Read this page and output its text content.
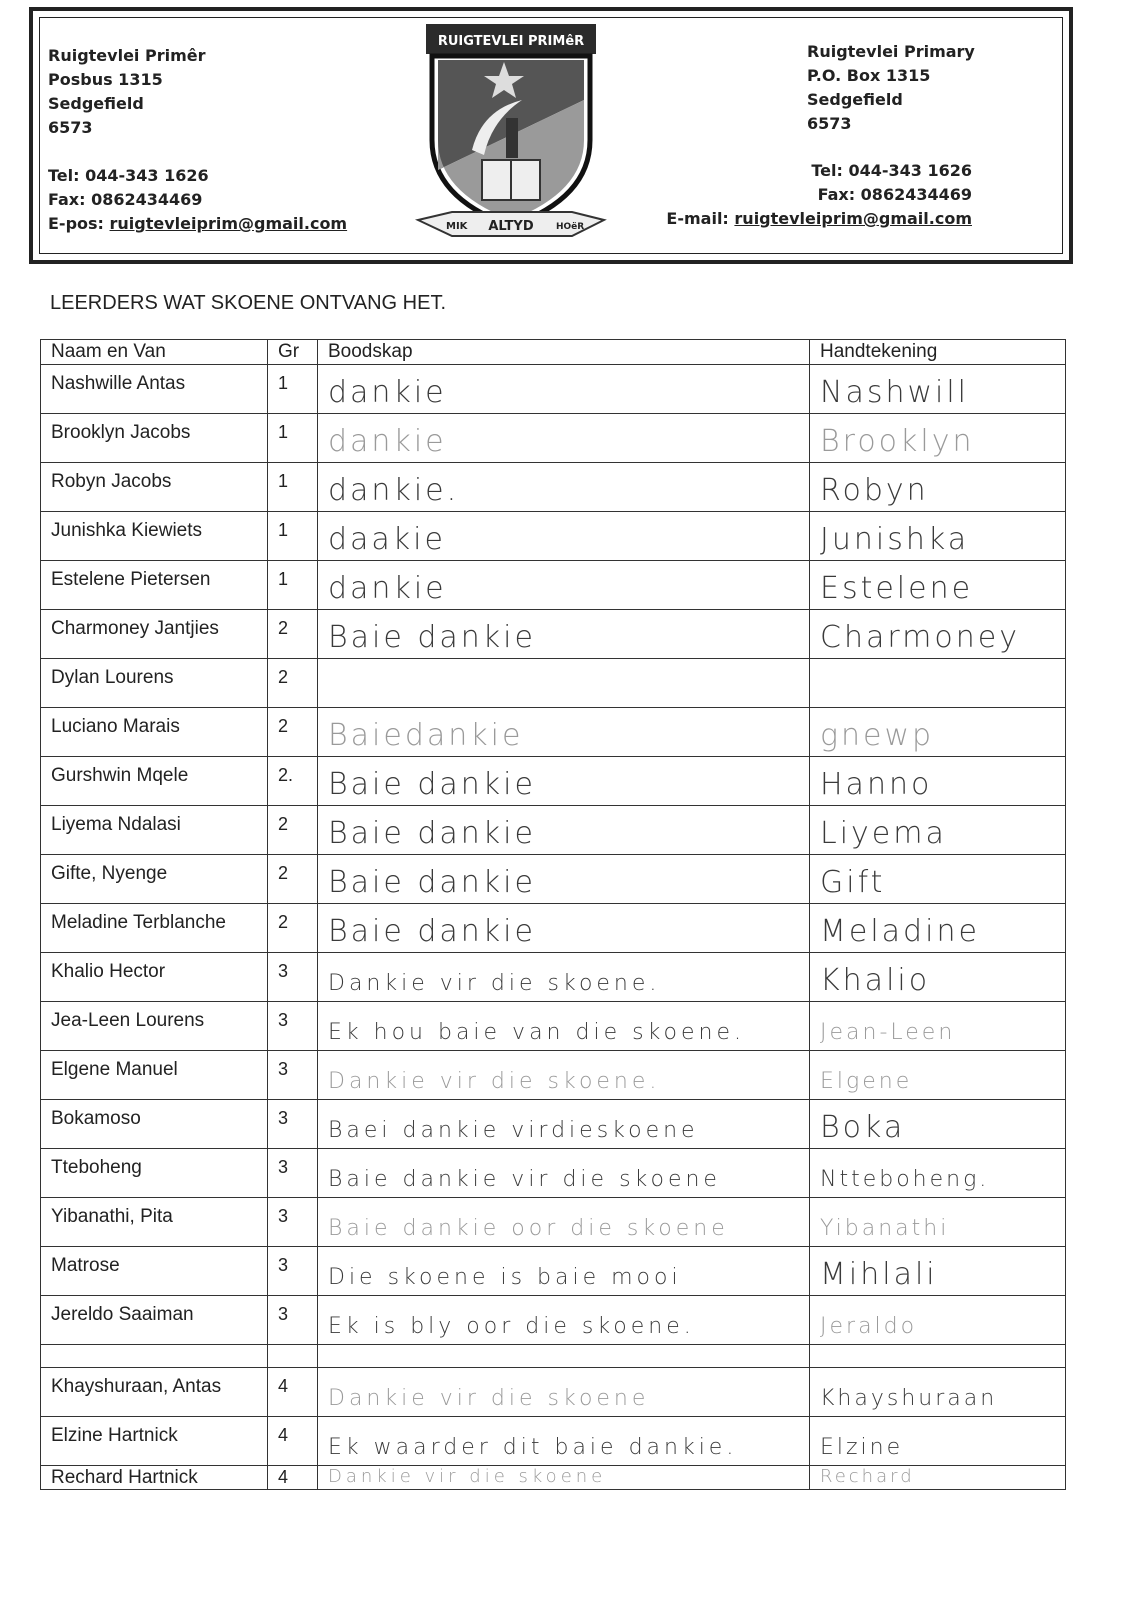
Ruigtevlei Primêr
Posbus 1315
Sedgefield
6573
Tel: 044-343 1626
Fax: 0862434469
E-pos: ruigtevleiprim@gmail.com
Ruigtevlei Primary
P.O. Box 1315
Sedgefield
6573
Tel: 044-343 1626
Fax: 0862434469
E-mail: ruigtevleiprim@gmail.com
RUIGTEVLEI PRIMêR
MIK ALTYD HOëR
LEERDERS WAT SKOENE ONTVANG HET.
Naam en Van	Gr	Boodskap	Handtekening

Nashwille Antas	1	dankie	Nashwill

Brooklyn Jacobs	1	dankie	Brooklyn

Robyn Jacobs	1	dankie.	Robyn

Junishka Kiewiets	1	daakie	Junishka

Estelene Pietersen	1	dankie	Estelene

Charmoney Jantjies	2	Baie dankie	Charmoney

Dylan Lourens	2		

Luciano Marais	2	Baiedankie	gnewp

Gurshwin Mqele	2.	Baie dankie	Hanno

Liyema Ndalasi	2	Baie dankie	Liyema

Gifte, Nyenge	2	Baie dankie	Gift

Meladine Terblanche	2	Baie dankie	Meladine

Khalio Hector	3	Dankie vir die skoene.	Khalio

Jea-Leen Lourens	3	Ek hou baie van die skoene.	Jean-Leen

Elgene Manuel	3	Dankie vir die skoene.	Elgene

Bokamoso	3	Baei dankie virdieskoene	Boka

Tteboheng	3	Baie dankie vir die skoene	Ntteboheng.

Yibanathi, Pita	3	Baie dankie oor die skoene	Yibanathi

Matrose	3	Die skoene is baie mooi	Mihlali

Jereldo Saaiman	3	Ek is bly oor die skoene.	Jeraldo

Khayshuraan, Antas	4	Dankie vir die skoene	Khayshuraan

Elzine Hartnick	4	Ek waarder dit baie dankie.	Elzine

Rechard Hartnick	4	Dankie vir die skoene	Rechard
